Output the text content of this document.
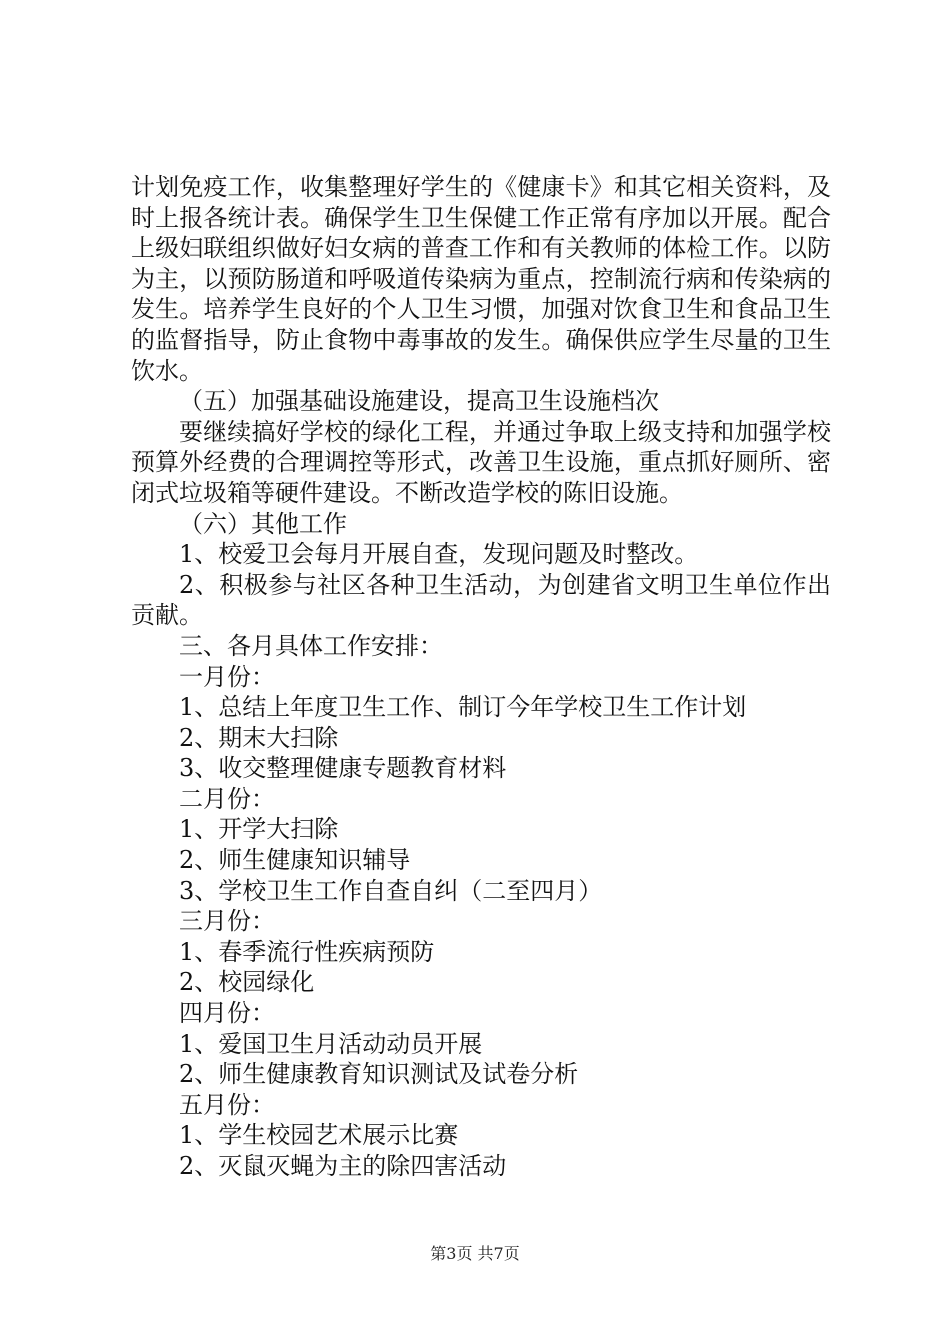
计划免疫工作，收集整理好学生的《健康卡》和其它相关资料，及时上报各统计表。确保学生卫生保健工作正常有序加以开展。配合上级妇联组织做好妇女病的普查工作和有关教师的体检工作。以防为主，以预防肠道和呼吸道传染病为重点，控制流行病和传染病的发生。培养学生良好的个人卫生习惯，加强对饮食卫生和食品卫生的监督指导，防止食物中毒事故的发生。确保供应学生尽量的卫生饮水。

（五）加强基础设施建设，提高卫生设施档次

要继续搞好学校的绿化工程，并通过争取上级支持和加强学校预算外经费的合理调控等形式，改善卫生设施，重点抓好厕所、密闭式垃圾箱等硬件建设。不断改造学校的陈旧设施。

（六）其他工作

1、校爱卫会每月开展自查，发现问题及时整改。

2、积极参与社区各种卫生活动，为创建省文明卫生单位作出贡献。

三、各月具体工作安排：

一月份：

1、总结上年度卫生工作、制订今年学校卫生工作计划

2、期末大扫除

3、收交整理健康专题教育材料

二月份：

1、开学大扫除

2、师生健康知识辅导

3、学校卫生工作自查自纠（二至四月）

三月份：

1、春季流行性疾病预防

2、校园绿化

四月份：

1、爱国卫生月活动动员开展

2、师生健康教育知识测试及试卷分析

五月份：

1、学生校园艺术展示比赛

2、灭鼠灭蝇为主的除四害活动

第3页 共7页
